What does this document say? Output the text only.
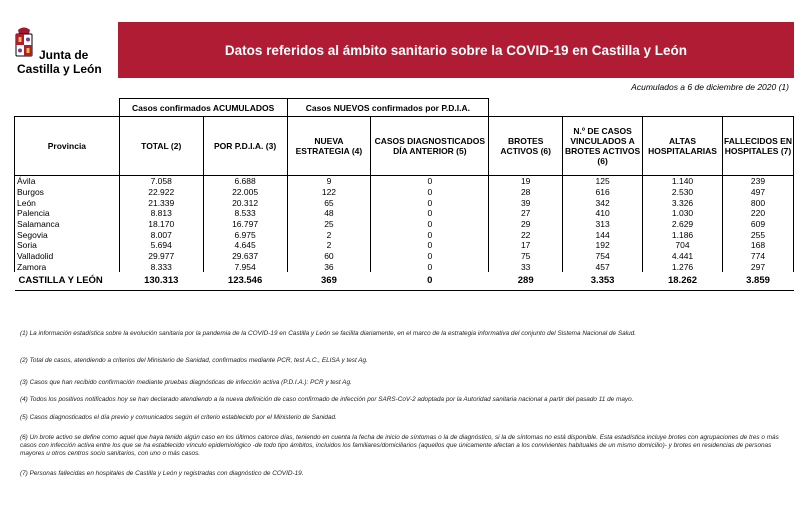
Junta de
Castilla y León
Datos referidos al ámbito sanitario sobre la COVID-19 en Castilla y León
Acumulados a 6 de diciembre de 2020 (1)
	Casos confirmados ACUMULADOS		Casos NUEVOS confirmados por P.D.I.A.					
Provincia	TOTAL (2)	POR P.D.I.A. (3)	NUEVA ESTRATEGIA (4)	CASOS DIAGNOSTICADOS DÍA ANTERIOR (5)	BROTES ACTIVOS (6)	N.º DE CASOS VINCULADOS A BROTES ACTIVOS (6)	ALTAS HOSPITALARIAS	FALLECIDOS EN HOSPITALES (7)
Ávila	7.058	6.688	9	0	19	125	1.140	239
Burgos	22.922	22.005	122	0	28	616	2.530	497
León	21.339	20.312	65	0	39	342	3.326	800
Palencia	8.813	8.533	48	0	27	410	1.030	220
Salamanca	18.170	16.797	25	0	29	313	2.629	609
Segovia	8.007	6.975	2	0	22	144	1.186	255
Soria	5.694	4.645	2	0	17	192	704	168
Valladolid	29.977	29.637	60	0	75	754	4.441	774
Zamora	8.333	7.954	36	0	33	457	1.276	297
CASTILLA Y LEÓN	130.313	123.546	369	0	289	3.353	18.262	3.859

(1) La información estadística sobre la evolución sanitaria por la pandemia de la COVID-19 en Castilla y León se facilita diariamente, en el marco de la estrategia informativa del conjunto del Sistema Nacional de Salud.

(2) Total de casos, atendiendo a criterios del Ministerio de Sanidad, confirmados mediante PCR, test A.C., ELISA y test Ag.

(3) Casos que han recibido confirmación mediante pruebas diagnósticas de infección activa (P.D.I.A.): PCR y test Ag.

(4) Todos los positivos notificados hoy se han declarado atendiendo a la nueva definición de caso confirmado de infección por SARS-CoV-2 adoptada por la Autoridad sanitaria nacional a partir del pasado 11 de mayo.

(5) Casos diagnosticados el día previo y comunicados según el criterio establecido por el Ministerio de Sanidad.

(6) Un brote activo se define como aquel que haya tenido algún caso en los últimos catorce días, teniendo en cuenta la fecha de inicio de síntomas o la de diagnóstico, si la de síntomas no está disponible. Esta estadística incluye brotes con agrupaciones de tres o más casos con infección activa entre los que se ha establecido vínculo epidemiológico -de todo tipo ámbitos, incluidos los familiares/domiciliarios (aquellos que únicamente afectan a los convivientes habituales de un mismo domicilio)- y brotes en residencias de personas mayores u otros centros socio sanitarios, con uno o más casos.

(7) Personas fallecidas en hospitales de Castilla y León y registradas con diagnóstico de COVID-19.
